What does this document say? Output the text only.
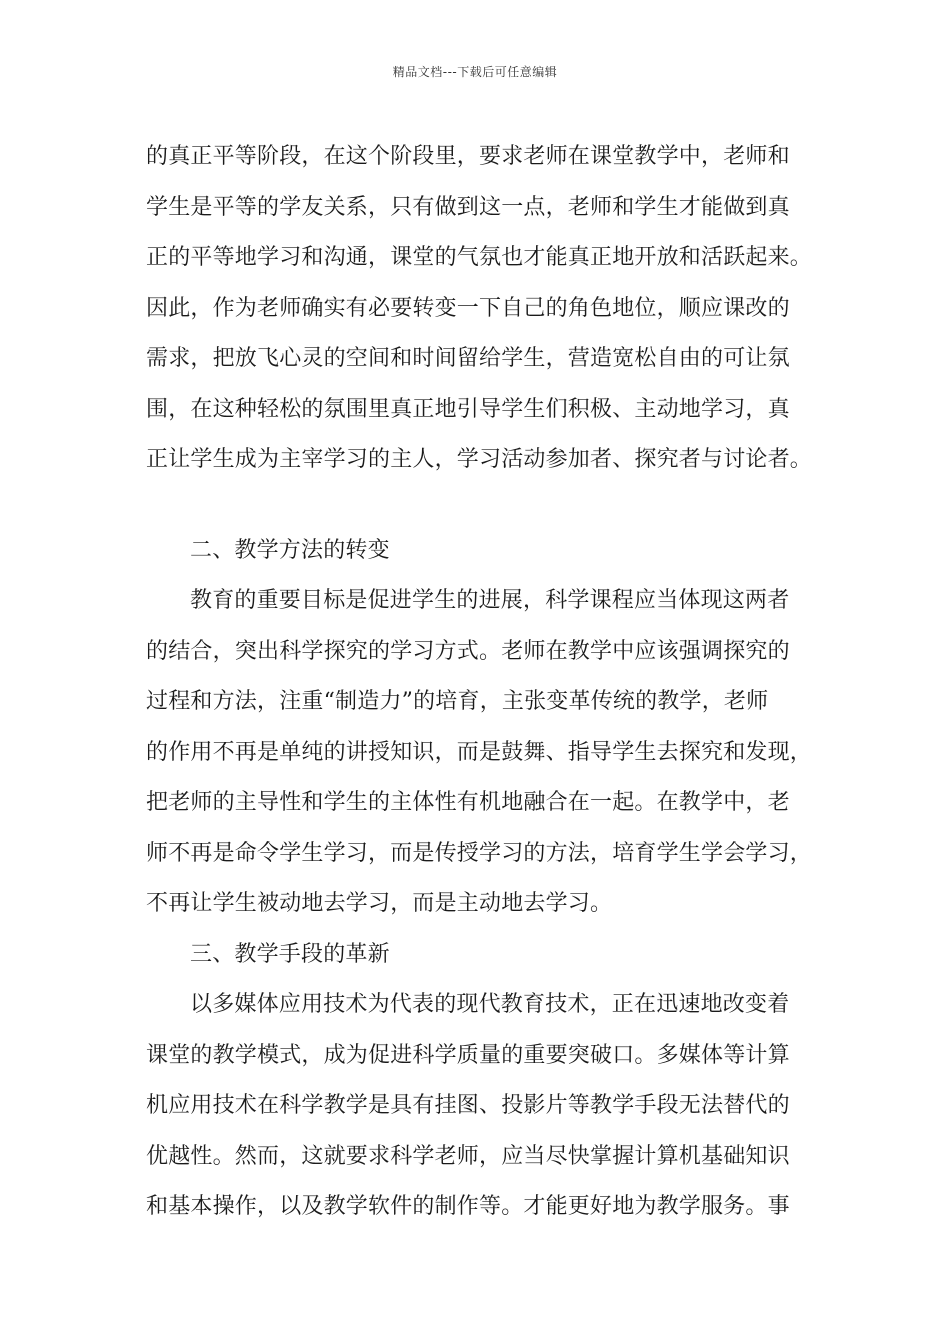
精品文档---下载后可任意编辑
的真正平等阶段，在这个阶段里，要求老师在课堂教学中，老师和
学生是平等的学友关系，只有做到这一点，老师和学生才能做到真
正的平等地学习和沟通，课堂的气氛也才能真正地开放和活跃起来。
因此，作为老师确实有必要转变一下自己的角色地位，顺应课改的
需求，把放飞心灵的空间和时间留给学生，营造宽松自由的可让氛
围，在这种轻松的氛围里真正地引导学生们积极、主动地学习，真
正让学生成为主宰学习的主人，学习活动参加者、探究者与讨论者。
二、教学方法的转变
教育的重要目标是促进学生的进展，科学课程应当体现这两者
的结合，突出科学探究的学习方式。老师在教学中应该强调探究的
过程和方法，注重“制造力”的培育，主张变革传统的教学，老师
的作用不再是单纯的讲授知识，而是鼓舞、指导学生去探究和发现，
把老师的主导性和学生的主体性有机地融合在一起。在教学中，老
师不再是命令学生学习，而是传授学习的方法，培育学生学会学习，
不再让学生被动地去学习，而是主动地去学习。
三、教学手段的革新
以多媒体应用技术为代表的现代教育技术，正在迅速地改变着
课堂的教学模式，成为促进科学质量的重要突破口。多媒体等计算
机应用技术在科学教学是具有挂图、投影片等教学手段无法替代的
优越性。然而，这就要求科学老师，应当尽快掌握计算机基础知识
和基本操作，以及教学软件的制作等。才能更好地为教学服务。事
